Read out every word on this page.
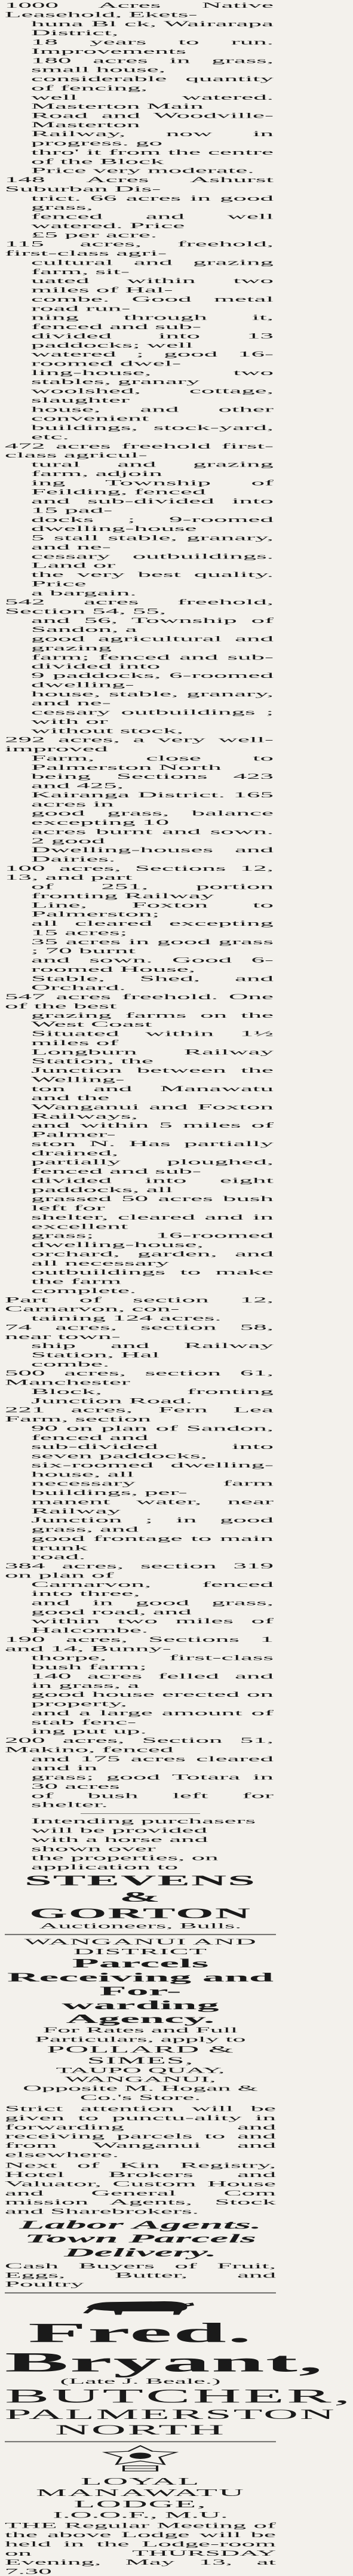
1000 Acres Native Leasehold, Ekets-
huna Bl ck, Wairarapa District,
18 years to run. Improvements
180 acres in grass, small house,
considerable quantity of fencing,
well watered. Masterton Main
Road and Woodville-Masterton
Railway, now in progress. go
thro' it from the centre of the Block
Price very moderate.

148 Acres Ashurst Suburban Dis-
trict. 66 acres in good grass,
fenced and well watered. Price
£5 per acre.

115 acres, freehold, first-class agri-
cultural and grazing farm, sit-
uated within two miles of Hal-
combe. Good metal road run-
ning through it, fenced and sub-
divided into 13 paddocks; well
watered ; good 16-roomed dwel-
ling-house, two stables, granary
woolshed, cottage, slaughter
house, and other convenient
buildings, stock-yard, etc.

472 acres freehold first-class agricul-
tural and grazing farm, adjoin
ing Township of Feilding, fenced
and sub-divided into 15 pad-
docks ; 9-roomed dwelling-house
5 stall stable, granary, and ne-
cessary outbuildings. Land or
the very best quality. Price
a bargain.

542 acres freehold, Section 54, 55,
and 56, Township of Sandon, a
good agricultural and grazing
farm; fenced and sub-divided into
9 paddocks, 6-roomed dwelling-
house, stable, granary, and ne-
cessary outbuildings ; with or
without stock,

292 acres, a very well-improved
Farm, close to Palmerston North
being Sections 423 and 425,
Kairanga District. 165 acres in
good grass, balance excepting 10
acres burnt and sown. 2 good
Dwelling-houses and Dairies.

100 acres, Sections 12, 13, and part
of 251, portion fronting Railway
Line, Foxton to Palmerston;
all cleared excepting 15 acres;
35 acres in good grass ; 70 burnt
and sown. Good 6-roomed House,
Stable, Shed, and Orchard.

547 acres freehold. One of the best
grazing farms on the West Coast
Situated within 1½ miles of
Longburn Railway Station, the
Junction between the Welling-
ton and Manawatu and the
Wanganui and Foxton Railways,
and within 5 miles of Palmer-
ston N. Has partially drained,
partially ploughed, fenced and sub-
divided into eight paddocks, all
grassed 50 acres bush left for
shelter, cleared and in excellent
grass; 16-roomed dwelling-house,
orchard, garden, and all necessary
outbuildings to make the farm
complete.

Part of section 12, Carnarvon, con-
taining 124 acres.

74 acres, section 58, near town-
ship and Railway Station, Hal
combe.

500 acres, section 61, Manchester
Block, fronting Junction Road.

221 acres, Fern Lea Farm, section
90 on plan of Sandon, fenced and
sub-divided into seven paddocks,
six-roomed dwelling-house, all
necessary farm buildings, per-
manent water, near Railway
Junction ; in good grass, and
good frontage to main trunk
road.

384 acres, section 319 on plan of
Carnarvon, fenced into three,
and in good grass, good road, and
within two miles of Halcombe.

190 acres, Sections 1 and 14, Bunny-
thorpe, first-class bush farm;
140 acres felled and in grass, a
good house erected on property,
and a large amount of stab fenc-
ing put up.

200 acres, Section 51, Makino, fenced
and 175 acres cleared and in
grass; good Totara in 30 acres
of bush left for shelter.

Intending purchasers will be provided
with a horse and shown over
the properties, on application to
STEVENS & GORTON
Auctioneers, Bulls.
WANGANUI AND DISTRICT
Parcels Receiving and For-
warding Agency.
For Rates and Full Particulars, apply to
POLLARD & SIMES,
TAUPO QUAY, WANGANUI,
Opposite M. Hogan & Co.'s Store.
Strict attention will be given to punctu-ality in forwarding and receiving parcels to and from Wanganui and elsewhere.
Next of Kin Registry, Hotel Brokers and Valuator, Custom House and General Com mission Agents, Stock and Sharebrokers.
Labor Agents.
Town Parcels Delivery.
Cash Buyers of Fruit, Eggs, Butter, and Poultry
Fred. Bryant,
(Late J. Beale.)
BUTCHER,
PALMERSTON NORTH
LOYAL MANAWATU LODGE,
I.O.O.F., M.U.
THE Regular Meeting of the above Lodge will be held in the Lodge-room on THURSDAY Evening, May 13, at 7.30
